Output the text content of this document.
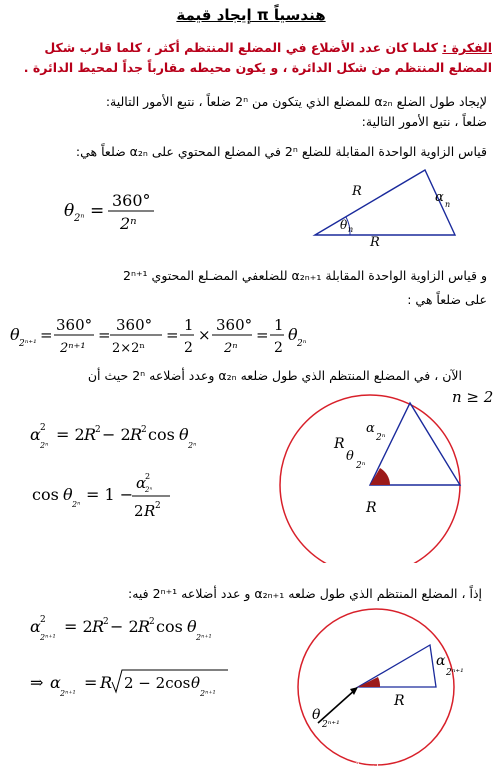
إيجاد قيمة π هندسياً
الفكرة : كلما كان عدد الأضلاع في المضلع المنتظم أكثر ، كلما قارب شكل المضلع المنتظم من شكل الدائرة ، و يكون محيطه مقارباً جداً لمحيط الدائرة .
لإيجاد طول الضلع α₂ₙ للمضلع الذي يتكون من 2ⁿ ضلعاً ، نتبع الأمور التالية:
ضلعاً ، نتبع الأمور التالية:
قياس الزاوية الواحدة المقابلة للضلع 2ⁿ في المضلع المحتوي على α₂ₙ ضلعاً هي:
θ 2ⁿ =
360°
2ⁿ
R
R
α n
θ n
و قياس الزاوية الواحدة المقابلة α₂ₙ₊₁ للضلعفي المضـلع المحتوي 2ⁿ⁺¹
على ضلعاً هي :
θ 2ⁿ⁺¹ =
360°
2ⁿ⁺¹
=
360°
2×2ⁿ
=
1
2
×
360°
2ⁿ
=
1
2
θ 2ⁿ
الآن ، في المضلع المنتظم الذي طول ضلعه α₂ₙ وعدد أضلاعه 2ⁿ حيث أن
n ≥ 2
α 2
2ⁿ
= 2 R
2 − 2 R
2 cos θ
2ⁿ
cos θ
2ⁿ
= 1 −
α
2
2ⁿ
2 R 2
R
R
α
2ⁿ
θ
2ⁿ
إذاً ، المضلع المنتظم الذي طول ضلعه α₂ₙ₊₁ و عدد أضلاعه 2ⁿ⁺¹ فيه:
α 2
2ⁿ⁺¹
= 2 R
2 − 2 R
2 cos θ
2ⁿ⁺¹
⇒ α
2ⁿ⁺¹
= R 2 − 2cos θ
2ⁿ⁺¹	R
α
2ⁿ⁺¹
θ
2ⁿ⁺¹
θ₂ₙ₊₁ = 360°/2ⁿ⁺¹ = 360°/(2×2ⁿ) = 1/2 × 360°/2ⁿ = 1/2 θ₂ₙ
α²₂ₙ = 2R² − 2R² cos θ₂ₙ
α²₂ₙ₊₁ = 2R² − 2R² cos θ₂ₙ₊₁	⇒ α₂ₙ₊₁ = R√(2 − 2cos θ₂ₙ₊₁)
